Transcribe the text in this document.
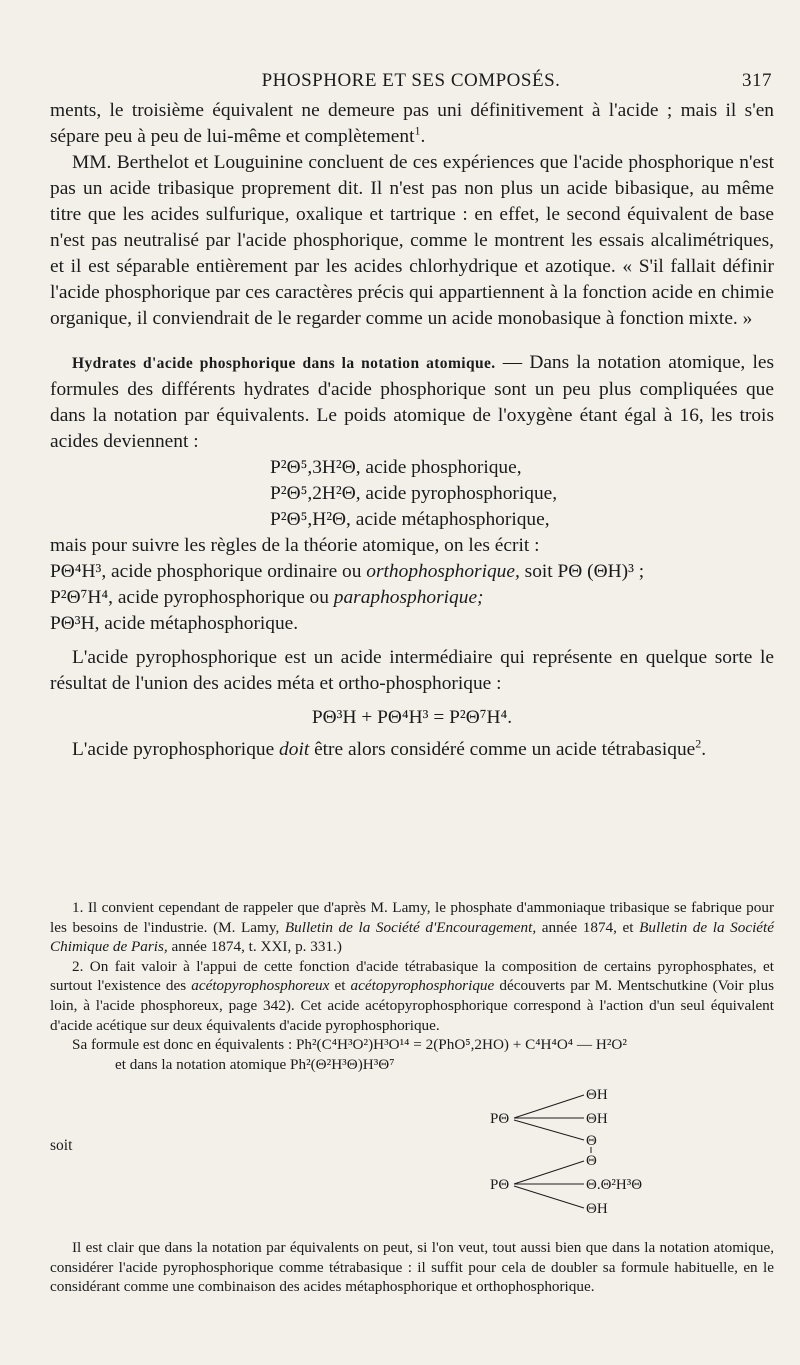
PHOSPHORE ET SES COMPOSÉS.	317

ments, le troisième équivalent ne demeure pas uni définitivement à l'acide ; mais il s'en sépare peu à peu de lui-même et complètement$^1$.

MM. Berthelot et Louguinine concluent de ces expériences que l'acide phosphorique n'est pas un acide tribasique proprement dit. Il n'est pas non plus un acide bibasique, au même titre que les acides sulfurique, oxalique et tartrique : en effet, le second équivalent de base n'est pas neutralisé par l'acide phosphorique, comme le montrent les essais alcalimétriques, et il est séparable entièrement par les acides chlorhydrique et azotique. « S'il fallait définir l'acide phosphorique par ces caractères précis qui appartiennent à la fonction acide en chimie organique, il conviendrait de le regarder comme un acide monobasique à fonction mixte. »

Hydrates d'acide phosphorique dans la notation atomique. — Dans la notation atomique, les formules des différents hydrates d'acide phosphorique sont un peu plus compliquées que dans la notation par équivalents. Le poids atomique de l'oxygène étant égal à 16, les trois acides deviennent :

P²Θ⁵,3H²Θ, acide phosphorique,

P²Θ⁵,2H²Θ, acide pyrophosphorique,

P²Θ⁵,H²Θ, acide métaphosphorique,

mais pour suivre les règles de la théorie atomique, on les écrit :

PΘ⁴H³, acide phosphorique ordinaire ou orthophosphorique, soit PΘ (ΘH)³ ;

P²Θ⁷H⁴, acide pyrophosphorique ou paraphosphorique;

PΘ³H, acide métaphosphorique.

L'acide pyrophosphorique est un acide intermédiaire qui représente en quelque sorte le résultat de l'union des acides méta et ortho-phosphorique :

PΘ³H + PΘ⁴H³ = P²Θ⁷H⁴.

L'acide pyrophosphorique doit être alors considéré comme un acide tétrabasique$^2$.

1. Il convient cependant de rappeler que d'après M. Lamy, le phosphate d'ammoniaque tribasique se fabrique pour les besoins de l'industrie. (M. Lamy, Bulletin de la Société d'Encouragement, année 1874, et Bulletin de la Société Chimique de Paris, année 1874, t. XXI, p. 331.)

2. On fait valoir à l'appui de cette fonction d'acide tétrabasique la composition de certains pyrophosphates, et surtout l'existence des acétopyrophosphoreux et acétopyrophosphorique découverts par M. Mentschutkine (Voir plus loin, à l'acide phosphoreux, page 342). Cet acide acétopyrophosphorique correspond à l'action d'un seul équivalent d'acide acétique sur deux équivalents d'acide pyrophosphorique.

Sa formule est donc en équivalents : Ph²(C⁴H³O²)H³O¹⁴ = 2(PhO⁵,2HO) + C⁴H⁴O⁴ — H²O²

et dans la notation atomique Ph²(Θ²H³Θ)H³Θ⁷

soit
ΘH
PΘ	ΘH
Θ
Θ
PΘ	Θ.Θ²H³Θ
ΘH

Il est clair que dans la notation par équivalents on peut, si l'on veut, tout aussi bien que dans la notation atomique, considérer l'acide pyrophosphorique comme tétrabasique : il suffit pour cela de doubler sa formule habituelle, en le considérant comme une combinaison des acides métaphosphorique et orthophosphorique.
